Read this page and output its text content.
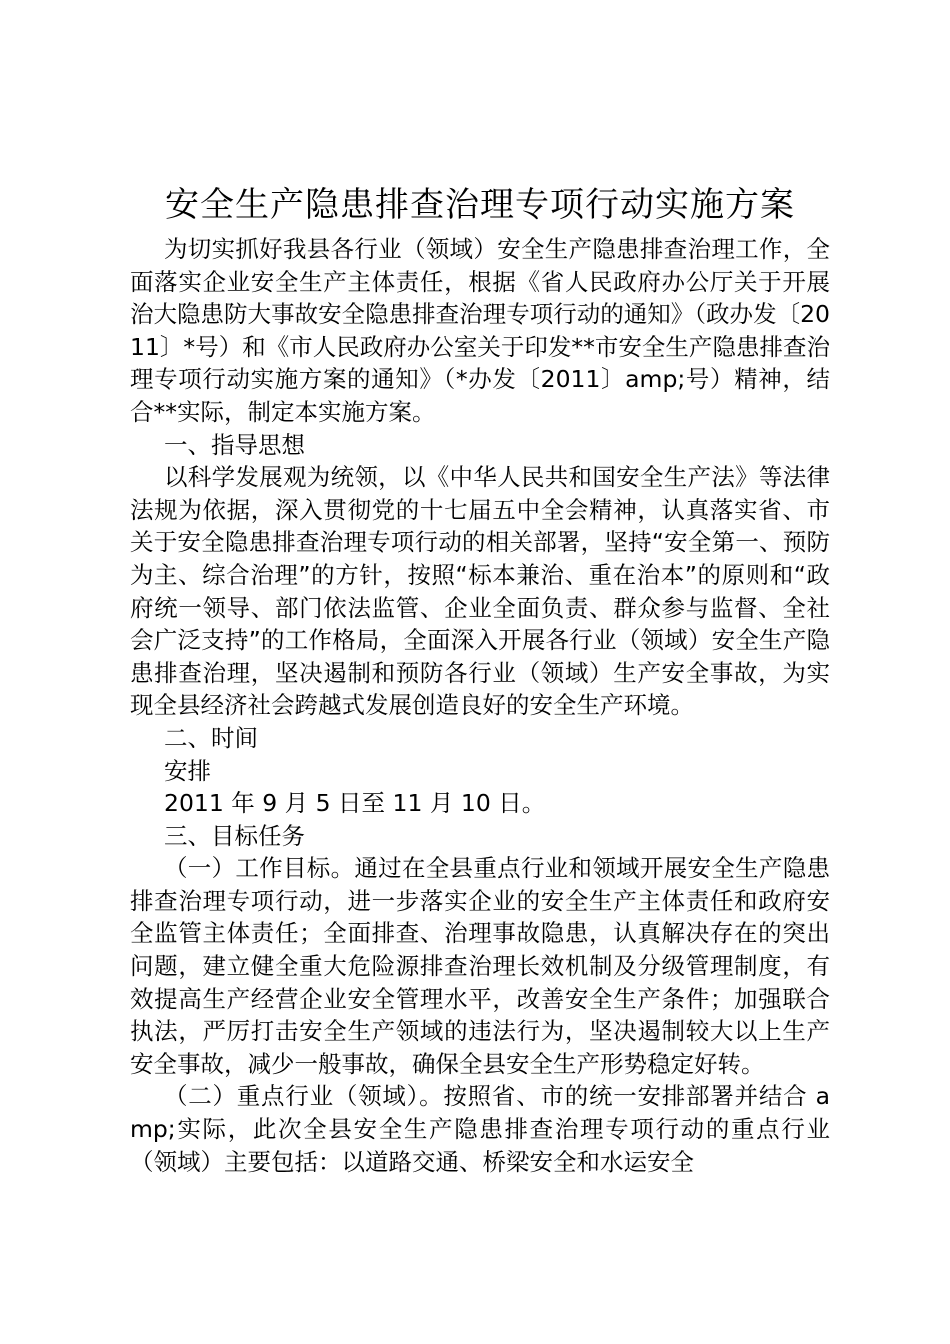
安全生产隐患排查治理专项行动实施方案

为切实抓好我县各行业（领域）安全生产隐患排查治理工作，全面落实企业安全生产主体责任，根据《省人民政府办公厅关于开展治大隐患防大事故安全隐患排查治理专项行动的通知》（政办发〔2011〕*号）和《市人民政府办公室关于印发**市安全生产隐患排查治理专项行动实施方案的通知》（*办发〔2011〕amp;号）精神，结合**实际，制定本实施方案。

一、指导思想

以科学发展观为统领，以《中华人民共和国安全生产法》等法律法规为依据，深入贯彻党的十七届五中全会精神，认真落实省、市关于安全隐患排查治理专项行动的相关部署，坚持“安全第一、预防为主、综合治理”的方针，按照“标本兼治、重在治本”的原则和“政府统一领导、部门依法监管、企业全面负责、群众参与监督、全社会广泛支持”的工作格局，全面深入开展各行业（领域）安全生产隐患排查治理，坚决遏制和预防各行业（领域）生产安全事故，为实现全县经济社会跨越式发展创造良好的安全生产环境。

二、时间

安排

2011 年 9 月 5 日至 11 月 10 日。

三、目标任务

（一）工作目标。通过在全县重点行业和领域开展安全生产隐患排查治理专项行动，进一步落实企业的安全生产主体责任和政府安全监管主体责任；全面排查、治理事故隐患，认真解决存在的突出问题，建立健全重大危险源排查治理长效机制及分级管理制度，有效提高生产经营企业安全管理水平，改善安全生产条件；加强联合执法，严厉打击安全生产领域的违法行为，坚决遏制较大以上生产安全事故，减少一般事故，确保全县安全生产形势稳定好转。

（二）重点行业（领域）。按照省、市的统一安排部署并结合 amp;实际，此次全县安全生产隐患排查治理专项行动的重点行业（领域）主要包括：以道路交通、桥梁安全和水运安全
